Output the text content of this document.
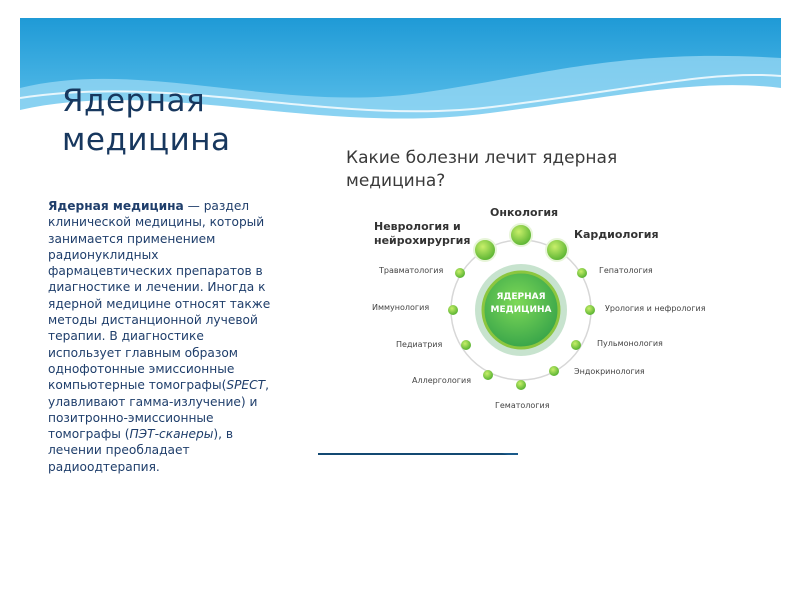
Ядерная
медицина
Ядерная медицина — раздел клинической медицины, который занимается применением радионуклидных фармацевтических препаратов в диагностике и лечении. Иногда к ядерной медицине относят также методы дистанционной лучевой терапии. В диагностике использует главным образом однофотонные эмиссионные компьютерные томографы(SPECT, улавливают гамма-излучение) и позитронно-эмиссионные томографы (ПЭТ-сканеры), в лечении преобладает радиоодтерапия.
Какие болезни лечит ядерная
медицина?
ЯДЕРНАЯ
МЕДИЦИНА
Онкология
Неврология и
нейрохирургия	Кардиология
Травматология	Гепатология
Иммунология	Урология и нефрология
Педиатрия	Пульмонология
Аллергология
Эндокринология
Гематология
